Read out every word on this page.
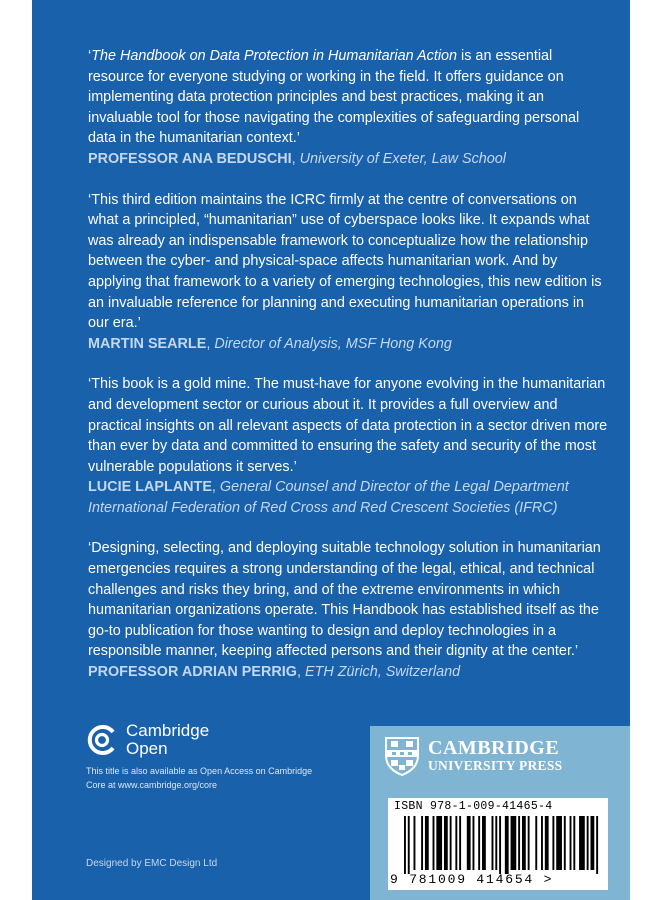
‘The Handbook on Data Protection in Humanitarian Action is an essential resource for everyone studying or working in the field. It offers guidance on implementing data protection principles and best practices, making it an invaluable tool for those navigating the complexities of safeguarding personal data in the humanitarian context.’

PROFESSOR ANA BEDUSCHI, University of Exeter, Law School

‘This third edition maintains the ICRC firmly at the centre of conversations on what a principled, “humanitarian” use of cyberspace looks like. It expands what was already an indispensable framework to conceptualize how the relationship between the cyber- and physical-space affects humanitarian work. And by applying that framework to a variety of emerging technologies, this new edition is an invaluable reference for planning and executing humanitarian operations in our era.’

MARTIN SEARLE, Director of Analysis, MSF Hong Kong

‘This book is a gold mine. The must-have for anyone evolving in the humanitarian and development sector or curious about it. It provides a full overview and practical insights on all relevant aspects of data protection in a sector driven more than ever by data and committed to ensuring the safety and security of the most vulnerable populations it serves.’

LUCIE LAPLANTE, General Counsel and Director of the Legal Department
International Federation of Red Cross and Red Crescent Societies (IFRC)

‘Designing, selecting, and deploying suitable technology solution in humanitarian emergencies requires a strong understanding of the legal, ethical, and technical challenges and risks they bring, and of the extreme environments in which humanitarian organizations operate. This Handbook has established itself as the go-to publication for those wanting to design and deploy technologies in a responsible manner, keeping affected persons and their dignity at the center.’

PROFESSOR ADRIAN PERRIG, ETH Zürich, Switzerland

Cambridge
Open
This title is also available as Open Access on Cambridge Core at www.cambridge.org/core
Designed by EMC Design Ltd
CAMBRIDGE
UNIVERSITY PRESS
ISBN 978-1-009-41465-4
9 781009 414654 >
